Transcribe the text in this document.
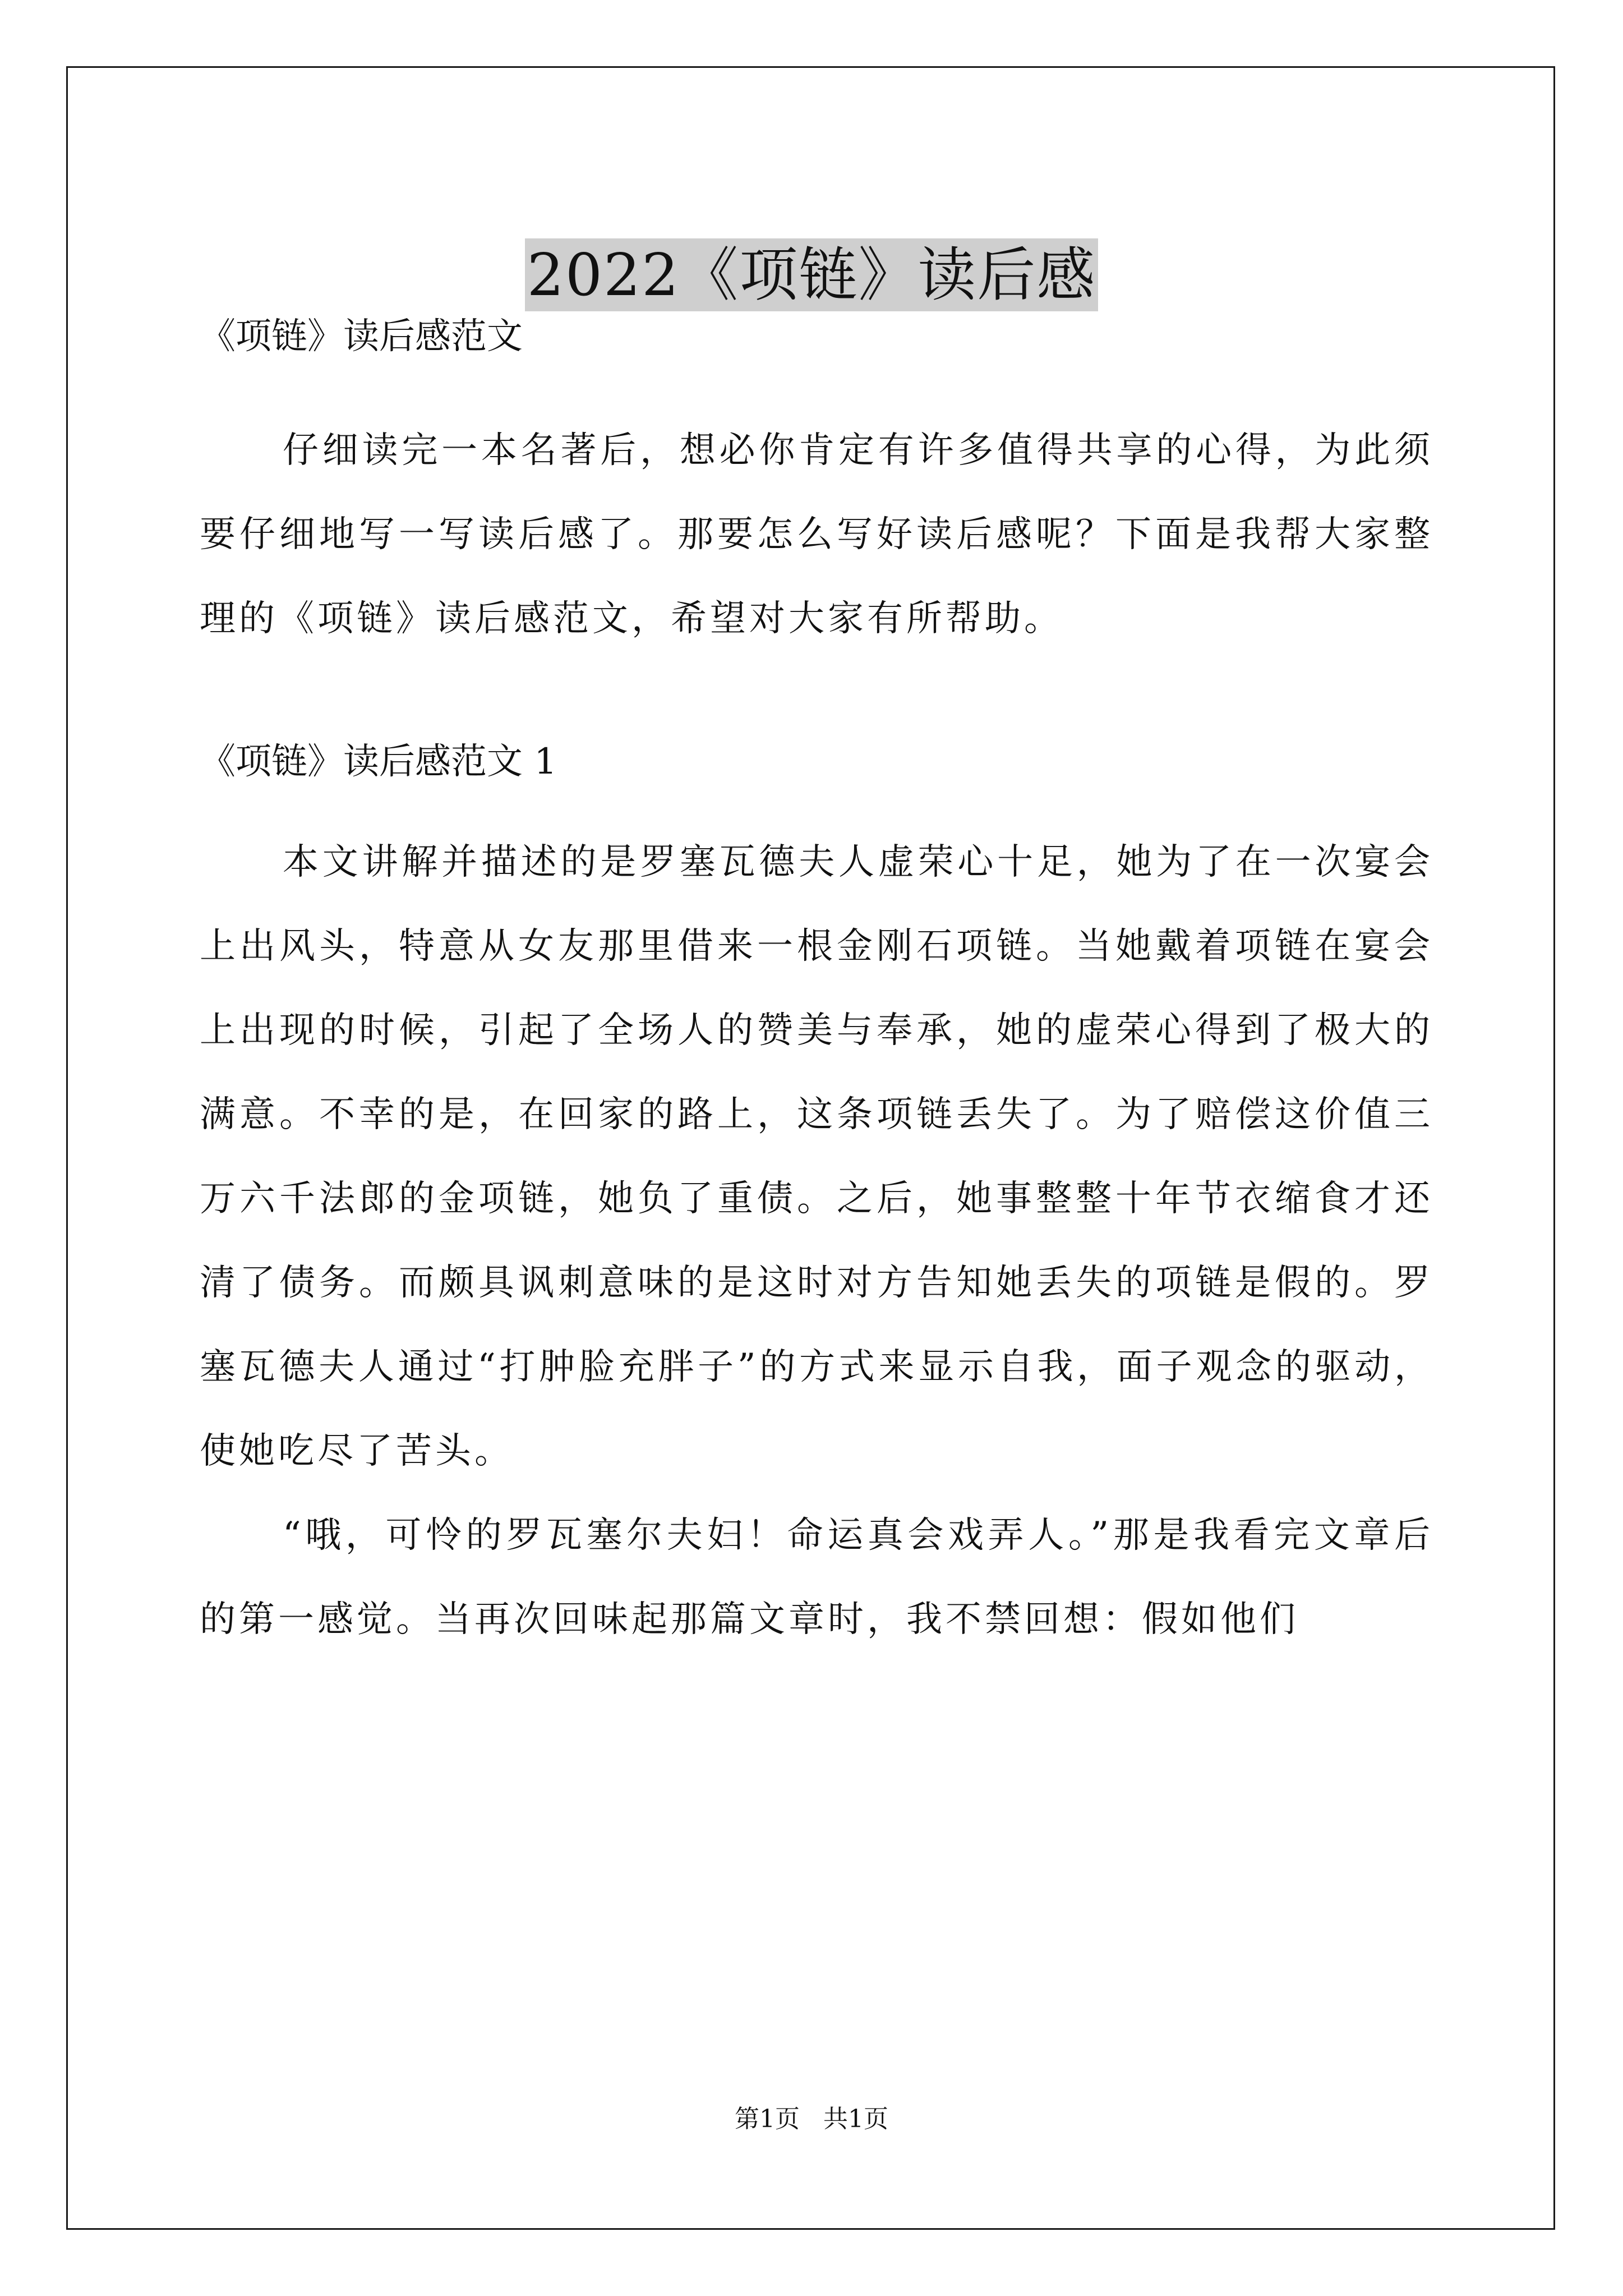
2022《项链》读后感

《项链》读后感范文

仔细读完一本名著后，想必你肯定有许多值得共享的心得，为此须要仔细地写一写读后感了。那要怎么写好读后感呢？下面是我帮大家整理的《项链》读后感范文，希望对大家有所帮助。

《项链》读后感范文 1

本文讲解并描述的是罗塞瓦德夫人虚荣心十足，她为了在一次宴会上出风头，特意从女友那里借来一根金刚石项链。当她戴着项链在宴会上出现的时候，引起了全场人的赞美与奉承，她的虚荣心得到了极大的满意。不幸的是，在回家的路上，这条项链丢失了。为了赔偿这价值三万六千法郎的金项链，她负了重债。之后，她事整整十年节衣缩食才还清了债务。而颇具讽刺意味的是这时对方告知她丢失的项链是假的。罗塞瓦德夫人通过“打肿脸充胖子”的方式来显示自我，面子观念的驱动，使她吃尽了苦头。

“哦，可怜的罗瓦塞尔夫妇！命运真会戏弄人。”那是我看完文章后的第一感觉。当再次回味起那篇文章时，我不禁回想：假如他们

第1页   共1页
